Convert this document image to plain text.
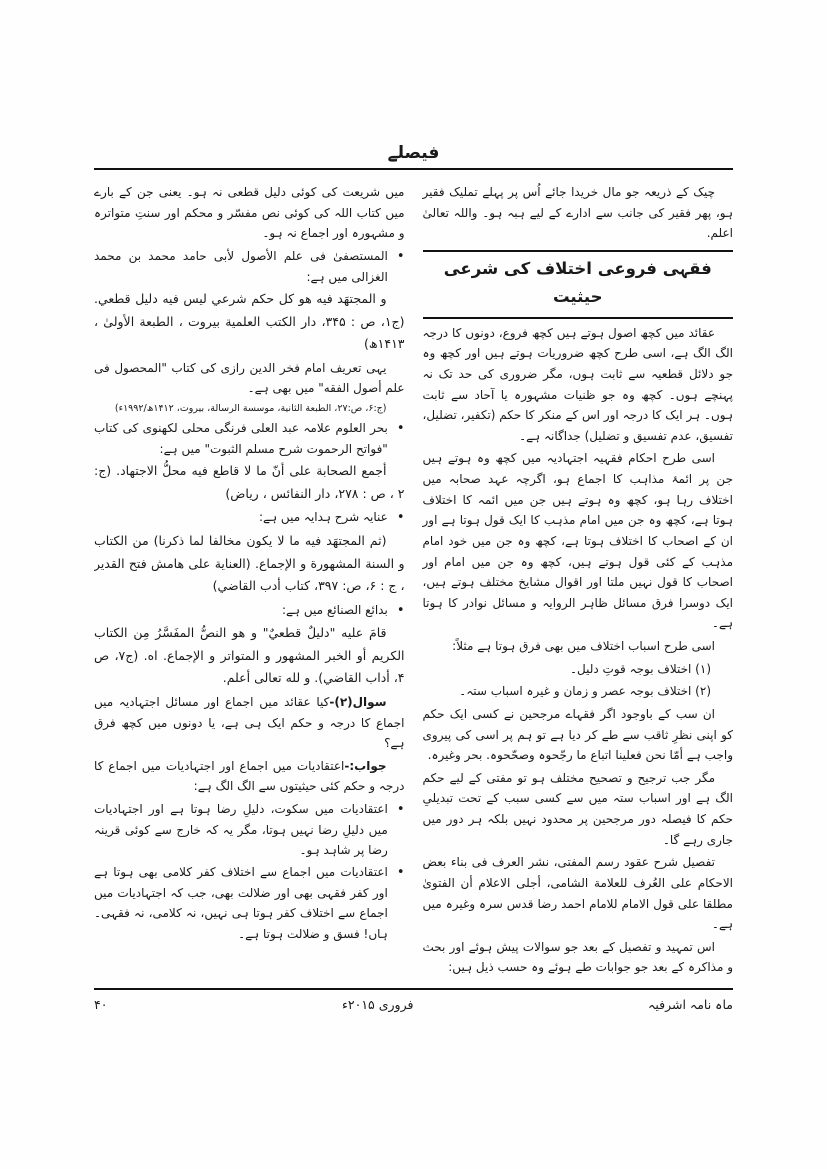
فیصلے

چیک کے ذریعہ جو مال خریدا جائے اُس پر پہلے تملیک فقیر ہو، پھر فقیر کی جانب سے ادارے کے لیے ہبہ ہو۔ واللہ تعالیٰ اعلم.

فقہی فروعی اختلاف کی شرعی حیثیت

عقائد میں کچھ اصول ہوتے ہیں کچھ فروع، دونوں کا درجہ الگ الگ ہے، اسی طرح کچھ ضروریات ہوتے ہیں اور کچھ وہ جو دلائل قطعیہ سے ثابت ہوں، مگر ضروری کی حد تک نہ پہنچے ہوں۔ کچھ وہ جو ظنیات مشہورہ یا آحاد سے ثابت ہوں۔ ہر ایک کا درجہ اور اس کے منکر کا حکم (تکفیر، تضلیل، تفسیق، عدم تفسیق و تضلیل) جداگانہ ہے۔

اسی طرح احکام فقہیہ اجتہادیہ میں کچھ وہ ہوتے ہیں جن پر ائمۂ مذاہب کا اجماع ہو، اگرچہ عہد صحابہ میں اختلاف رہا ہو، کچھ وہ ہوتے ہیں جن میں ائمہ کا اختلاف ہوتا ہے، کچھ وہ جن میں امام مذہب کا ایک قول ہوتا ہے اور ان کے اصحاب کا اختلاف ہوتا ہے، کچھ وہ جن میں خود امام مذہب کے کئی قول ہوتے ہیں، کچھ وہ جن میں امام اور اصحاب کا قول نہیں ملتا اور اقوال مشایخ مختلف ہوتے ہیں، ایک دوسرا فرق مسائل ظاہر الروایہ و مسائل نوادر کا ہوتا ہے۔

اسی طرح اسباب اختلاف میں بھی فرق ہوتا ہے مثلاً:

(۱) اختلاف بوجہ قوتِ دلیل۔

(۲) اختلاف بوجہ عصر و زمان و غیرہ اسباب ستہ۔

ان سب کے باوجود اگر فقہاے مرجحین نے کسی ایک حکم کو اپنی نظرِ ثاقب سے طے کر دیا ہے تو ہم پر اسی کی پیروی واجب ہے أمّا نحن فعلینا اتباع ما رجّحوہ وصحّحوہ. بحر وغیرہ.

مگر جب ترجیح و تصحیح مختلف ہو تو مفتی کے لیے حکم الگ ہے اور اسباب ستہ میں سے کسی سبب کے تحت تبدیلیِ حکم کا فیصلہ دور مرجحین پر محدود نہیں بلکہ ہر دور میں جاری رہے گا۔

تفصیل شرح عقود رسم المفتی، نشر العرف فی بناء بعض الاحکام علی العُرف للعلامة الشامی، أجلی الاعلام أن الفتویٰ مطلقا علی قول الامام للامام احمد رضا قدس سرہ وغیرہ میں ہے۔

اس تمہید و تفصیل کے بعد جو سوالات پیش ہوئے اور بحث و مذاکرہ کے بعد جو جوابات طے ہوئے وہ حسب ذیل ہیں:

میں شریعت کی کوئی دلیل قطعی نہ ہو۔ یعنی جن کے بارے میں کتاب اللہ کی کوئی نص مفسّر و محکم اور سنتِ متواترہ و مشہورہ اور اجماع نہ ہو۔

•
المستصفیٰ فی علم الأصول لأبی حامد محمد بن محمد الغزالی میں ہے:

و المجتهَد فیه هو كل حكم شرعي لیس فیه دلیل قطعي. (ج۱، ص : ۳۴۵، دار الكتب العلمیة بیروت ، الطبعة الأولیٰ ، ۱۴۱۳ھ)

یہی تعریف امام فخر الدین رازی کی کتاب "المحصول فی علم أصول الفقه" میں بھی ہے۔

(ج:۶، ص:۲۷، الطبعة الثانیة، موسسة الرسالة، بیروت، ۱۴۱۲ھ/۱۹۹۲ء)

•
بحر العلوم علامہ عبد العلی فرنگی محلی لکھنوی کی کتاب "فواتح الرحموت شرح مسلم الثبوت" میں ہے:

أجمع الصحابة علی أنّ ما لا قاطع فیه محلُّ الاجتهاد. (ج: ۲ ، ص : ۲۷۸، دار النفائس ، ریاض)

•
عنایہ شرح ہدایہ میں ہے:

(ثم المجتهَد فیه ما لا یكون مخالفا لما ذكرنا) من الكتاب و السنة المشهورة و الإجماع. (العنایة علی هامش فتح القدیر ، ج : ۶، ص: ۳۹۷، كتاب أدب القاضي)

•
بدائع الصنائع میں ہے:

قامَ علیه "دلیلٌ قطعيٌ" و هو النصُّ المفَسَّرُ مِن الكتاب الكریم أو الخبر المشهور و المتواتر و الإجماع. اه. (ج۷، ص ۴، أداب القاضي). و لله تعالی أعلم.

سوال(۲)-کیا عقائد میں اجماع اور مسائل اجتہادیہ میں اجماع کا درجہ و حکم ایک ہی ہے، یا دونوں میں کچھ فرق ہے؟

جواب:-اعتقادیات میں اجماع اور اجتہادیات میں اجماع کا درجہ و حکم کئی حیثیتوں سے الگ الگ ہے:

•
اعتقادیات میں سکوت، دلیلِ رضا ہوتا ہے اور اجتہادیات میں دلیلِ رضا نہیں ہوتا، مگر یہ کہ خارج سے کوئی قرینہ رضا پر شاہد ہو۔
•
اعتقادیات میں اجماع سے اختلاف کفر کلامی بھی ہوتا ہے اور کفر فقہی بھی اور ضلالت بھی، جب کہ اجتہادیات میں اجماع سے اختلاف کفر ہوتا ہی نہیں، نہ کلامی، نہ فقہی۔ ہاں! فسق و ضلالت ہوتا ہے۔
ماہ نامہ اشرفیہ
فروری ۲۰۱۵ء
۴۰
